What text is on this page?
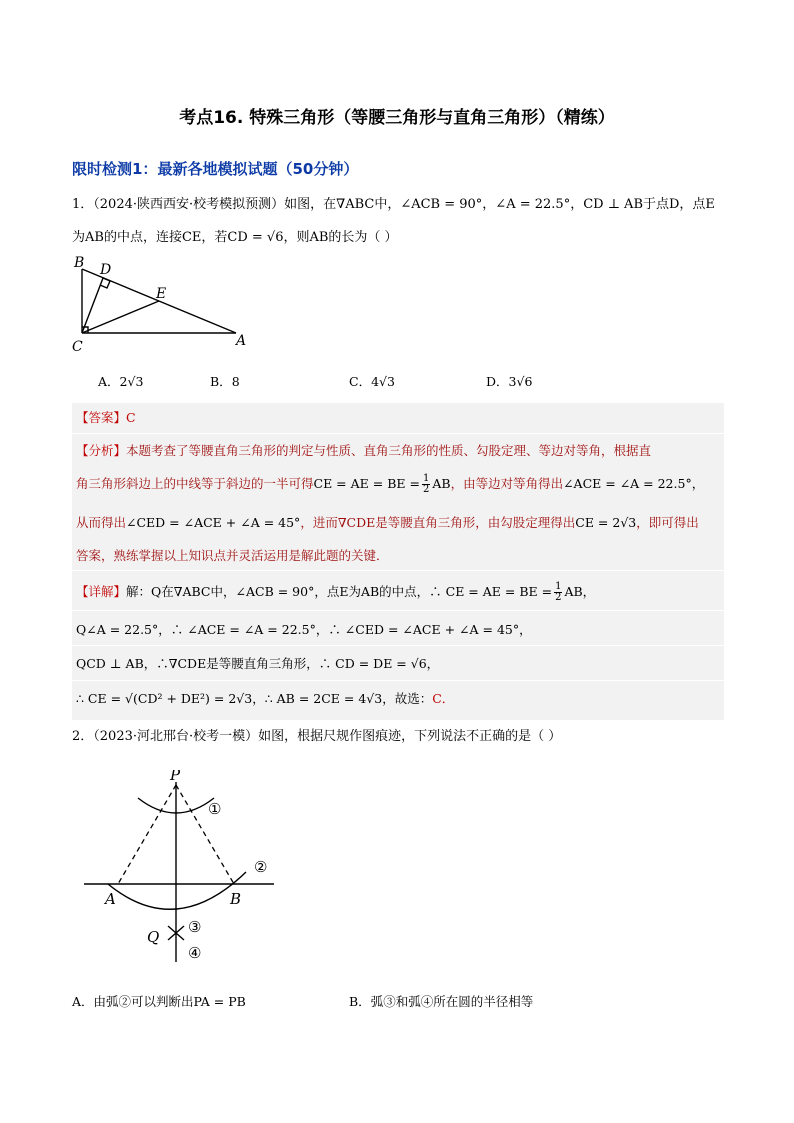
考点16. 特殊三角形（等腰三角形与直角三角形）（精练）
限时检测1：最新各地模拟试题（50分钟）
1．（2024·陕西西安·校考模拟预测）如图，在∇ABC中，∠ACB = 90°，∠A = 22.5°，CD ⊥ AB于点D，点E
为AB的中点，连接CE，若CD = √6，则AB的长为（ ）
B D
E
C	A
A．2√3	B．8	C．4√3	D．3√6
【答案】C
【分析】本题考查了等腰直角三角形的判定与性质、直角三角形的性质、勾股定理、等边对等角，根据直
角三角形斜边上的中线等于斜边的一半可得CE = AE = BE = $\frac{1}{2}$ AB，由等边对等角得出∠ACE = ∠A = 22.5°，
从而得出∠CED = ∠ACE + ∠A = 45°，进而∇CDE是等腰直角三角形，由勾股定理得出CE = 2√3，即可得出
答案，熟练掌握以上知识点并灵活运用是解此题的关键．
【详解】解：Q在∇ABC中，∠ACB = 90°，点E为AB的中点，∴ CE = AE = BE = $\frac{1}{2}$ AB，
Q∠A = 22.5°，∴ ∠ACE = ∠A = 22.5°，∴ ∠CED = ∠ACE + ∠A = 45°，
QCD ⊥ AB，∴∇CDE是等腰直角三角形，∴ CD = DE = √6，
∴ CE = √(CD² + DE²) = 2√3，∴ AB = 2CE = 4√3，故选：C．
2．（2023·河北邢台·校考一模）如图，根据尺规作图痕迹，下列说法不正确的是（ ）
P
A	B
Q
①
②
③
④
A．由弧②可以判断出PA = PB	B．弧③和弧④所在圆的半径相等
